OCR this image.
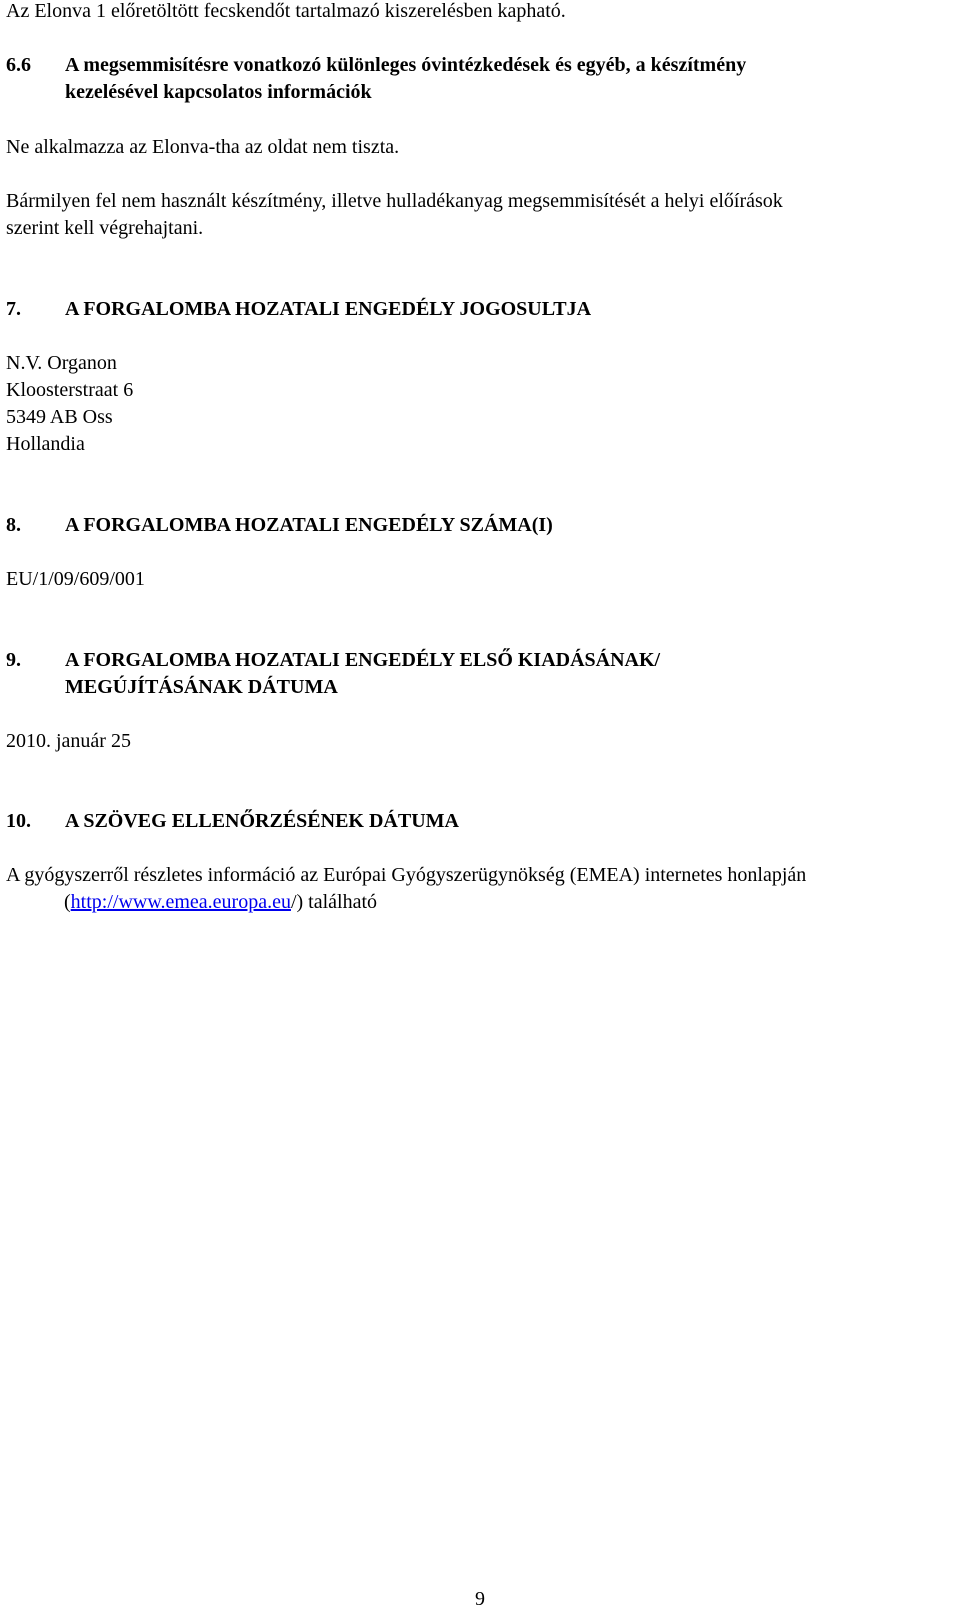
Az Elonva 1 előretöltött fecskendőt tartalmazó kiszerelésben kapható.

6.6 A megsemmisítésre vonatkozó különleges óvintézkedések és egyéb, a készítmény
kezelésével kapcsolatos információk

Ne alkalmazza az Elonva-tha az oldat nem tiszta.

Bármilyen fel nem használt készítmény, illetve hulladékanyag megsemmisítését a helyi előírások
szerint kell végrehajtani.
7. A FORGALOMBA HOZATALI ENGEDÉLY JOGOSULTJA
N.V. Organon
Kloosterstraat 6
5349 AB Oss
Hollandia
8. A FORGALOMBA HOZATALI ENGEDÉLY SZÁMA(I)

EU/1/09/609/001

9. A FORGALOMBA HOZATALI ENGEDÉLY ELSŐ KIADÁSÁNAK/
MEGÚJÍTÁSÁNAK DÁTUMA

2010. január 25

10. A SZÖVEG ELLENŐRZÉSÉNEK DÁTUMA
A gyógyszerről részletes információ az Európai Gyógyszerügynökség (EMEA) internetes honlapján
(http://www.emea.europa.eu/) található
9
